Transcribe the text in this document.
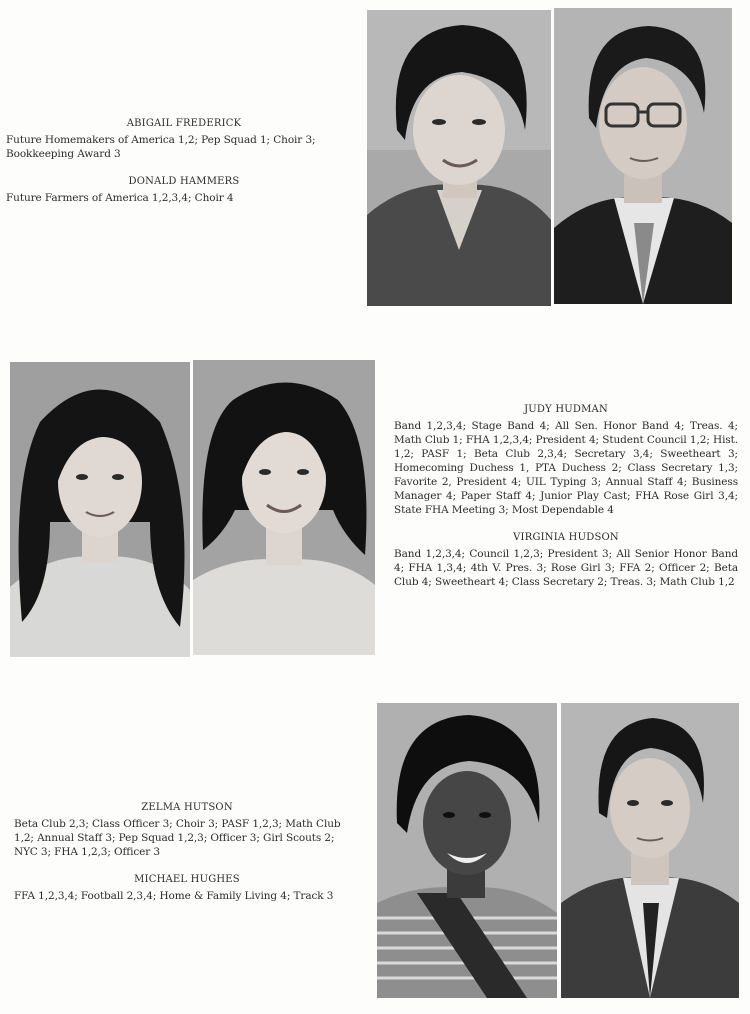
ABIGAIL FREDERICK
Future Homemakers of America 1,2; Pep Squad 1; Choir 3; Bookkeeping Award 3
DONALD HAMMERS
Future Farmers of America 1,2,3,4; Choir 4
JUDY HUDMAN
Band 1,2,3,4; Stage Band 4; All Sen. Honor Band 4; Treas. 4; Math Club 1; FHA 1,2,3,4; President 4; Student Council 1,2; Hist. 1,2; PASF 1; Beta Club 2,3,4; Secretary 3,4; Sweetheart 3; Homecoming Duchess 1, PTA Duchess 2; Class Secretary 1,3; Favorite 2, President 4; UIL Typing 3; Annual Staff 4; Business Manager 4; Paper Staff 4; Junior Play Cast; FHA Rose Girl 3,4; State FHA Meeting 3; Most Dependable 4
VIRGINIA HUDSON
Band 1,2,3,4; Council 1,2,3; President 3; All Senior Honor Band 4; FHA 1,3,4; 4th V. Pres. 3; Rose Girl 3; FFA 2; Officer 2; Beta Club 4; Sweetheart 4; Class Secretary 2; Treas. 3; Math Club 1,2
ZELMA HUTSON
Beta Club 2,3; Class Officer 3; Choir 3; PASF 1,2,3; Math Club 1,2; Annual Staff 3; Pep Squad 1,2,3; Officer 3; Girl Scouts 2; NYC 3; FHA 1,2,3; Officer 3
MICHAEL HUGHES
FFA 1,2,3,4; Football 2,3,4; Home & Family Living 4; Track 3
